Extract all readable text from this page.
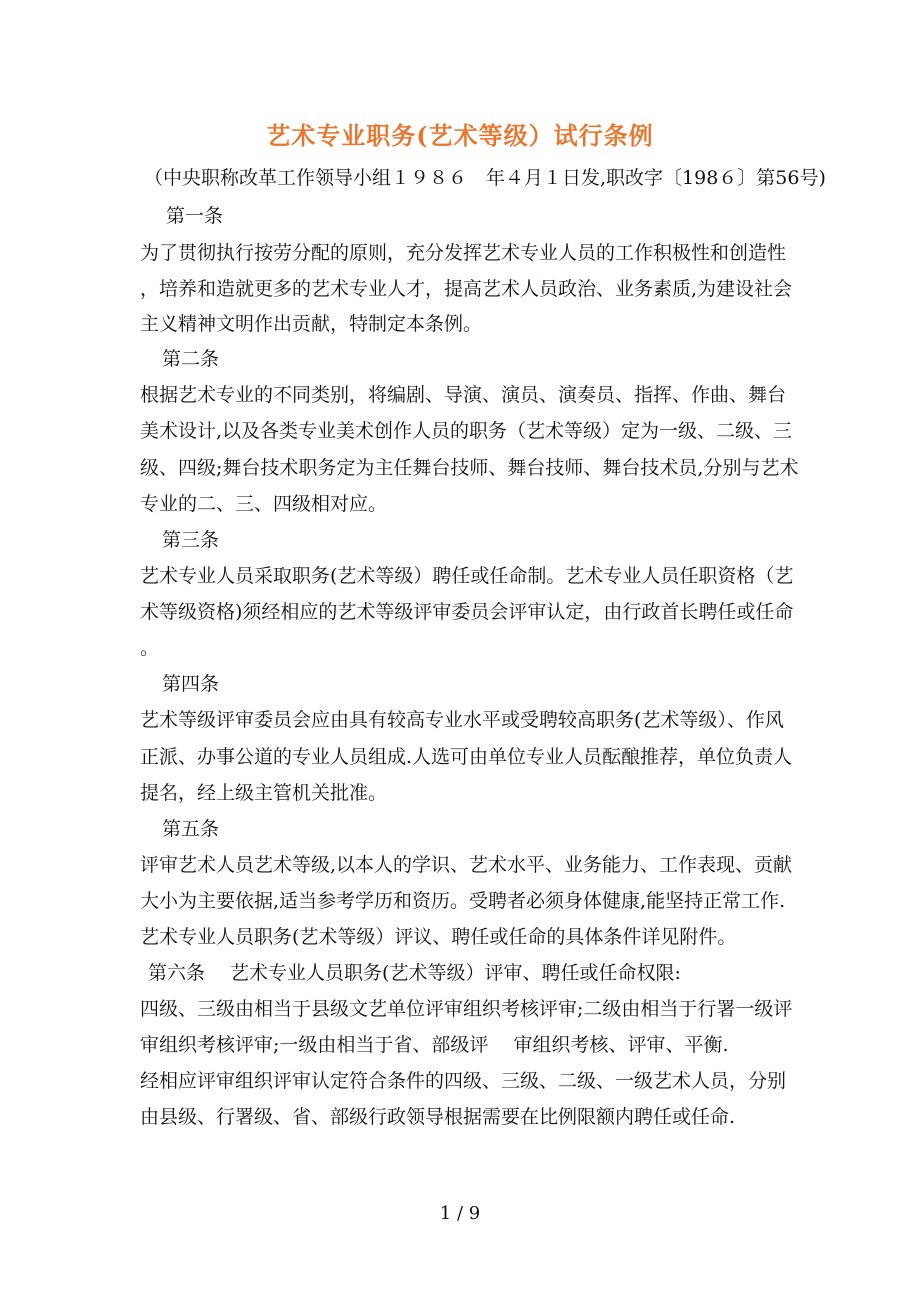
艺术专业职务(艺术等级）试行条例
（中央职称改革工作领导小组１９８６　年４月１日发,职改字〔198６〕第56号)
第一条
为了贯彻执行按劳分配的原则，充分发挥艺术专业人员的工作积极性和创造性
，培养和造就更多的艺术专业人才，提高艺术人员政治、业务素质,为建设社会
主义精神文明作出贡献，特制定本条例。
第二条
根据艺术专业的不同类别，将编剧、导演、演员、演奏员、指挥、作曲、舞台
美术设计,以及各类专业美术创作人员的职务（艺术等级）定为一级、二级、三
级、四级;舞台技术职务定为主任舞台技师、舞台技师、舞台技术员,分别与艺术
专业的二、三、四级相对应。
第三条
艺术专业人员采取职务(艺术等级）聘任或任命制。艺术专业人员任职资格（艺
术等级资格)须经相应的艺术等级评审委员会评审认定，由行政首长聘任或任命
。
第四条
艺术等级评审委员会应由具有较高专业水平或受聘较高职务(艺术等级）、作风
正派、办事公道的专业人员组成.人选可由单位专业人员酝酿推荐，单位负责人
提名，经上级主管机关批准。
第五条
评审艺术人员艺术等级,以本人的学识、艺术水平、业务能力、工作表现、贡献
大小为主要依据,适当参考学历和资历。受聘者必须身体健康,能坚持正常工作.
艺术专业人员职务(艺术等级）评议、聘任或任命的具体条件详见附件。
第六条　 艺术专业人员职务(艺术等级）评审、聘任或任命权限:
四级、三级由相当于县级文艺单位评审组织考核评审;二级由相当于行署一级评
审组织考核评审;一级由相当于省、部级评　 审组织考核、评审、平衡.
经相应评审组织评审认定符合条件的四级、三级、二级、一级艺术人员，分别
由县级、行署级、省、部级行政领导根据需要在比例限额内聘任或任命.
1 / 9
